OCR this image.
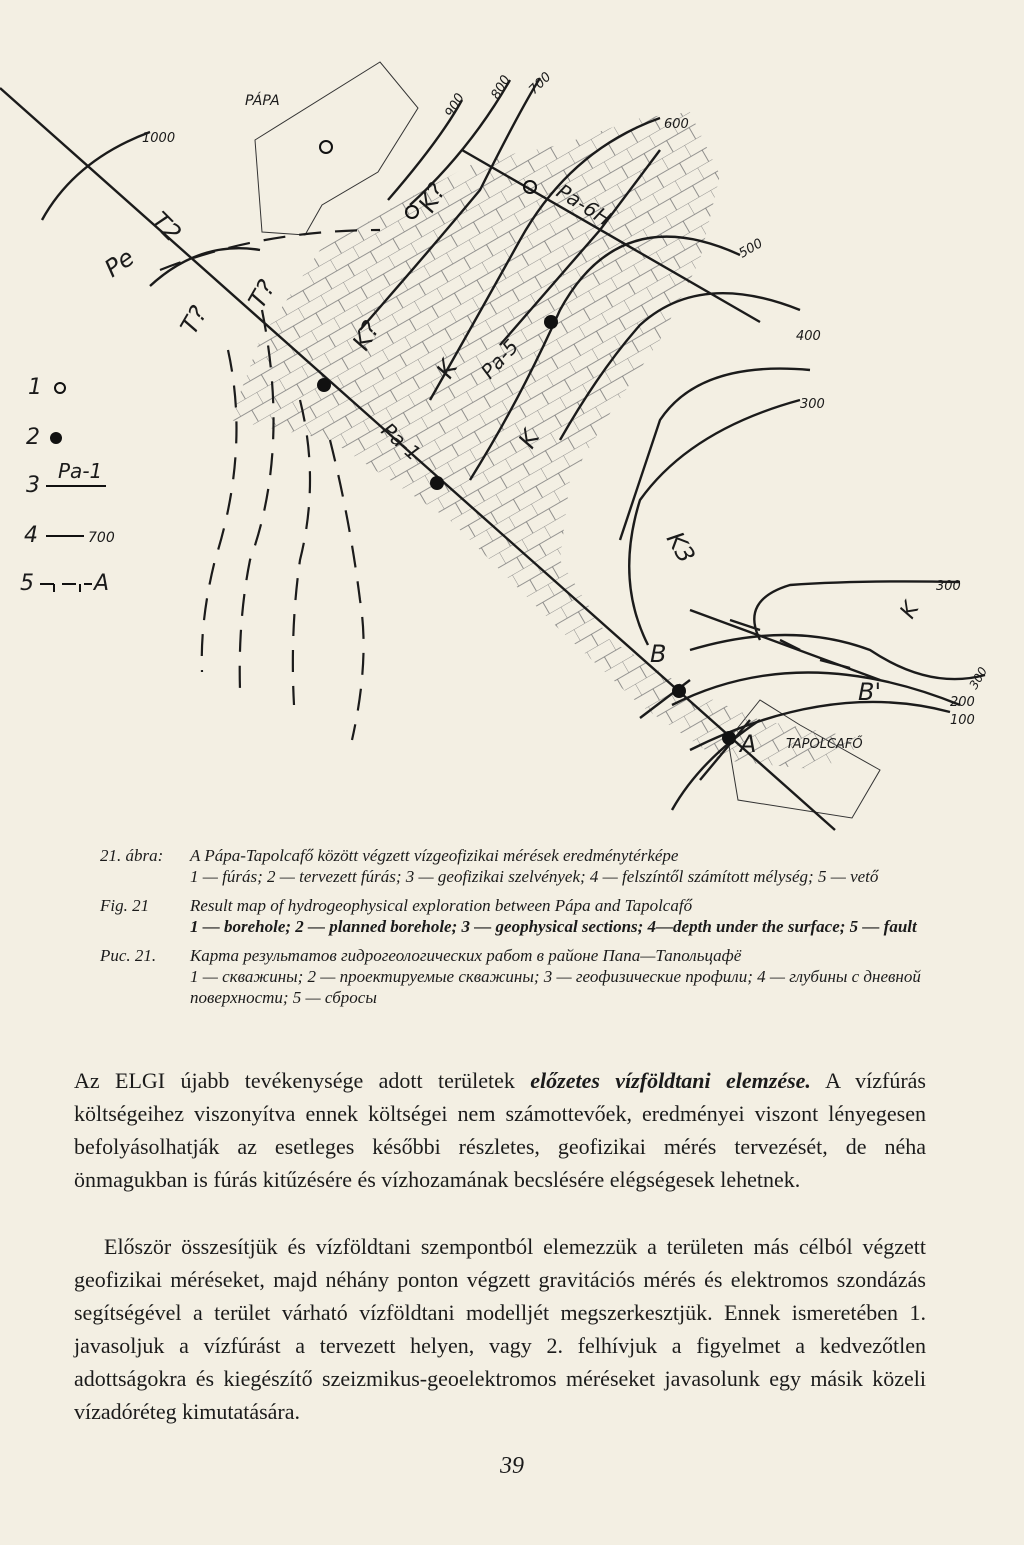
PÁPA
TAPOLCAFŐ
Pa-1
Pa-5
Pa-6H
B
B'
A
1000
900
800 700
600
500
400
300
300
300
200
100
Pe
T2
T?
T?
K?
K?
K
K
K3
K
1
2
3
Pa-1
4	700
5	A
21. ábra:	A Pápa-Tapolcafő között végzett vízgeofizikai mérések eredménytérképe
1 — fúrás; 2 — tervezett fúrás; 3 — geofizikai szelvények; 4 — felszíntől számított mélység; 5 — vető
Fig. 21	Result map of hydrogeophysical exploration between Pápa and Tapolcafő
1 — borehole; 2 — planned borehole; 3 — geophysical sections; 4—depth under the surface; 5 — fault
Рис. 21.	Карта результатов гидрогеологических работ в районе Папа—Тапольцафё
1 — скважины; 2 — проектируемые скважины; 3 — геофизические профили; 4 — глубины с дневной поверхности; 5 — сбросы

Az ELGI újabb tevékenysége adott területek előzetes vízföldtani elemzése. A vízfúrás költségeihez viszonyítva ennek költségei nem számottevőek, eredményei viszont lényegesen befolyásolhatják az esetleges későbbi részletes, geofizikai mérés tervezését, de néha önmagukban is fúrás kitűzésére és vízhozamának becslésére elégségesek lehetnek.

Először összesítjük és vízföldtani szempontból elemezzük a területen más célból végzett geofizikai méréseket, majd néhány ponton végzett gravitációs mérés és elektromos szondázás segítségével a terület várható vízföldtani modelljét megszerkesztjük. Ennek ismeretében 1. javasoljuk a vízfúrást a tervezett helyen, vagy 2. felhívjuk a figyelmet a kedvezőtlen adottságokra és kiegészítő szeizmikus-geoelektromos méréseket javasolunk egy másik közeli vízadóréteg kimutatására.

39
